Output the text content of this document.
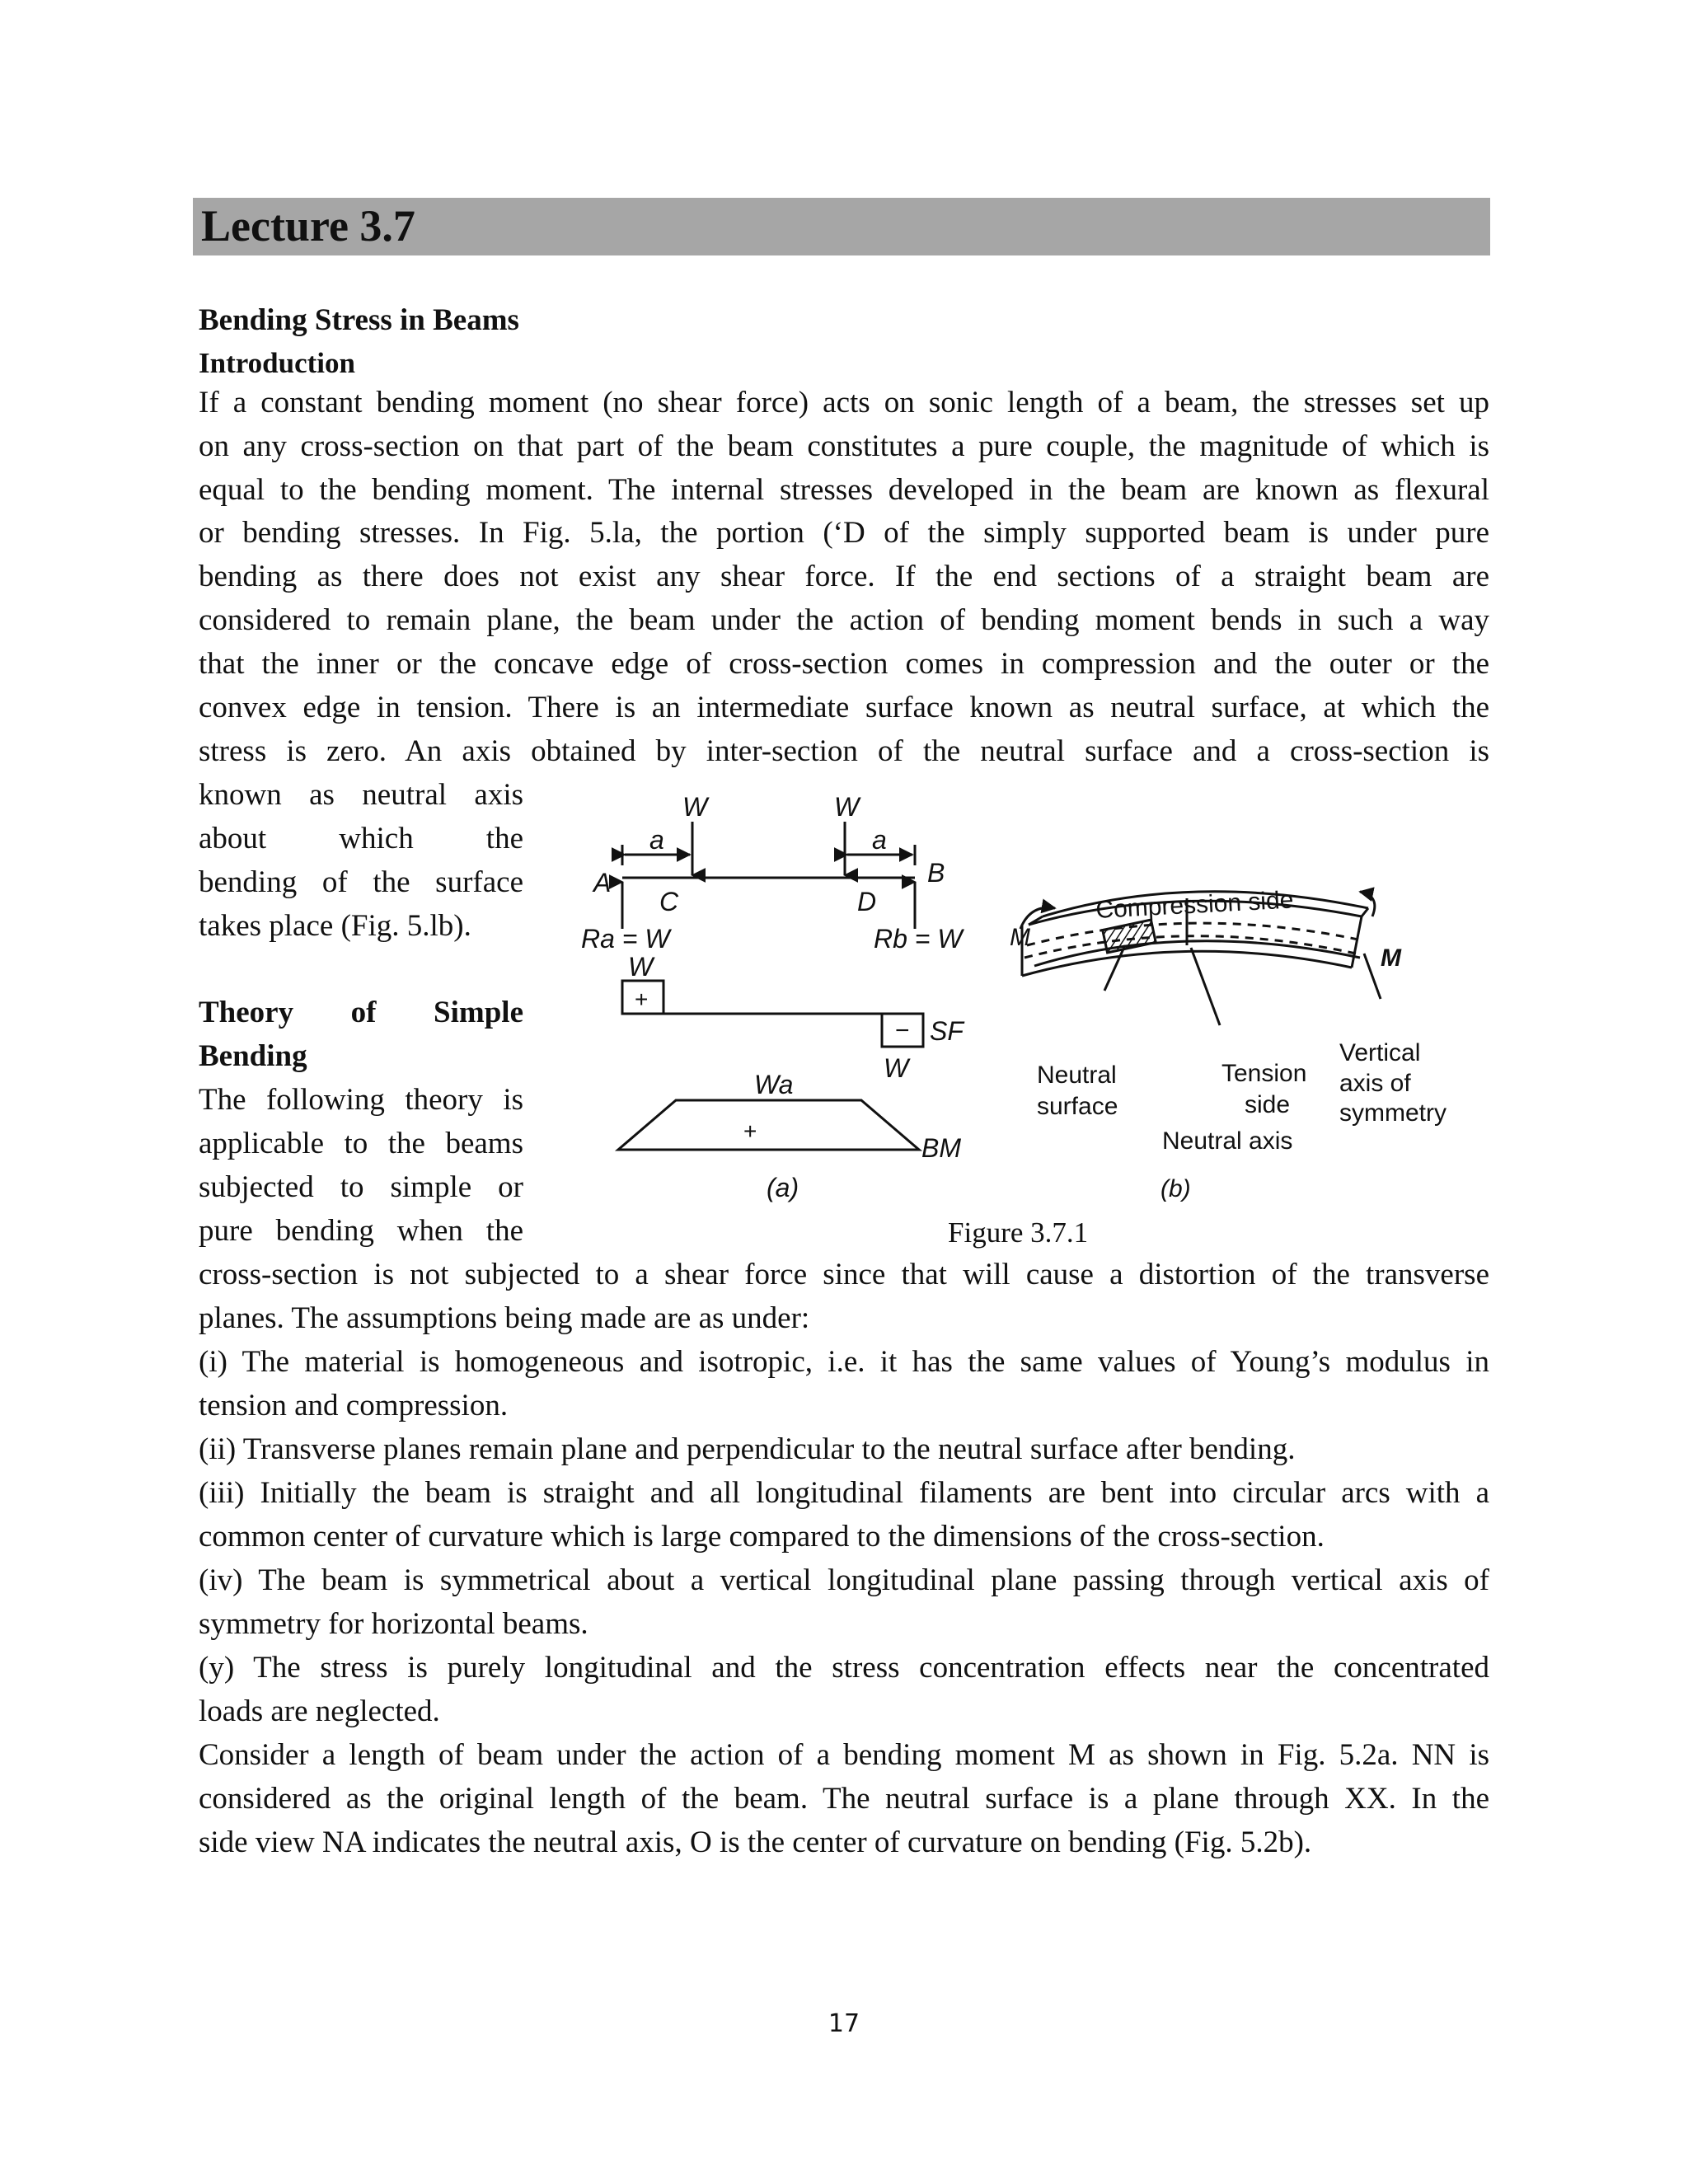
Lecture 3.7
Bending Stress in Beams
Introduction
If a constant bending moment (no shear force) acts on sonic length of a beam, the stresses set up
on any cross-section on that part of the beam constitutes a pure couple, the magnitude of which is
equal to the bending moment. The internal stresses developed in the beam are known as flexural
or bending stresses. In Fig. 5.la, the portion (‘D of the simply supported beam is under pure
bending as there does not exist any shear force. If the end sections of a straight beam are
considered to remain plane, the beam under the action of bending moment bends in such a way
that the inner or the concave edge of cross-section comes in compression and the outer or the
convex edge in tension. There is an intermediate surface known as neutral surface, at which the
stress is zero. An axis obtained by inter-section of the neutral surface and a cross-section is
known as neutral axis
about which the
bending of the surface
takes place (Fig. 5.lb).
Theory of Simple
Bending
The following theory is
applicable to the beams
subjected to simple or
pure bending when the
W	W
a	a
A	B
C	D
Ra = W	Rb = W
W
+
− SF
W
Wa
+
BM
(a)
M
M
Compression side
Neutral
surface
Tension
side
Neutral axis
Vertical
axis of
symmetry
(b)
Figure 3.7.1
cross-section is not subjected to a shear force since that will cause a distortion of the transverse
planes. The assumptions being made are as under:
(i) The material is homogeneous and isotropic, i.e. it has the same values of Young’s modulus in
tension and compression.
(ii) Transverse planes remain plane and perpendicular to the neutral surface after bending.
(iii) Initially the beam is straight and all longitudinal filaments are bent into circular arcs with a
common center of curvature which is large compared to the dimensions of the cross-section.
(iv) The beam is symmetrical about a vertical longitudinal plane passing through vertical axis of
symmetry for horizontal beams.
(y) The stress is purely longitudinal and the stress concentration effects near the concentrated
loads are neglected.
Consider a length of beam under the action of a bending moment M as shown in Fig. 5.2a. NN is
considered as the original length of the beam. The neutral surface is a plane through XX. In the
side view NA indicates the neutral axis, O is the center of curvature on bending (Fig. 5.2b).
17
